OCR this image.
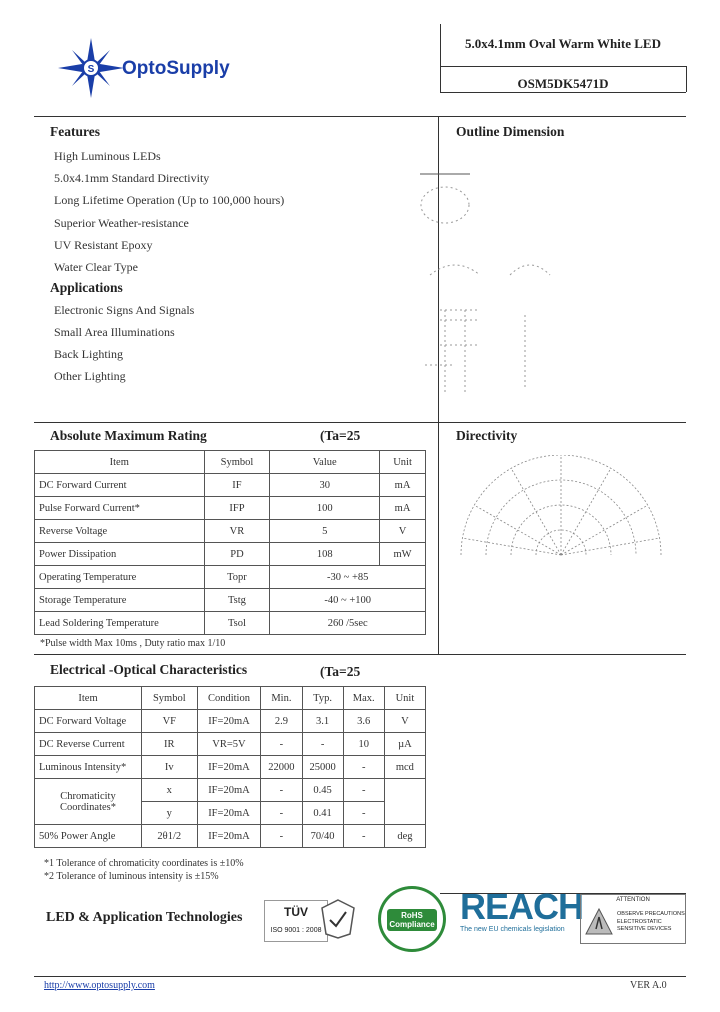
S OptoSupply
5.0x4.1mm Oval Warm White LED
OSM5DK5471D
Features
High Luminous LEDs
5.0x4.1mm Standard Directivity
Long Lifetime Operation (Up to 100,000 hours)
Superior Weather-resistance
UV Resistant Epoxy
Water Clear Type
Applications
Electronic Signs And Signals
Small Area Illuminations
Back Lighting
Other Lighting
Outline Dimension
Directivity
Absolute Maximum Rating	(Ta=25
Item	Symbol	Value	Unit
DC Forward Current	IF	30	mA
Pulse Forward Current*	IFP	100	mA
Reverse Voltage	VR	5	V
Power Dissipation	PD	108	mW
Operating Temperature	Topr	-30 ~ +85	
Storage Temperature	Tstg	-40 ~ +100	
Lead Soldering Temperature	Tsol	260 /5sec	
*Pulse width Max 10ms , Duty ratio max 1/10
Electrical -Optical Characteristics	(Ta=25
Item	Symbol	Condition	Min.	Typ.	Max.	Unit
DC Forward Voltage	VF	IF=20mA	2.9	3.1	3.6	V
DC Reverse Current	IR	VR=5V	-	-	10	µA
Luminous Intensity*	Iv	IF=20mA	22000	25000	-	mcd
Chromaticity Coordinates*	x	IF=20mA	-	0.45	-	
	y	IF=20mA	-	0.41	-	
50% Power Angle	2θ1/2	IF=20mA	-	70/40	-	deg
*1 Tolerance of chromaticity coordinates is ±10%
*2 Tolerance of luminous intensity is ±15%
LED & Application Technologies	TÜV
ISO 9001 : 2008
RoHS Compliance REACH
The new EU chemicals legislation
ATTENTION
OBSERVE PRECAUTIONS
ELECTROSTATIC SENSITIVE DEVICES
http://www.optosupply.com	VER A.0
